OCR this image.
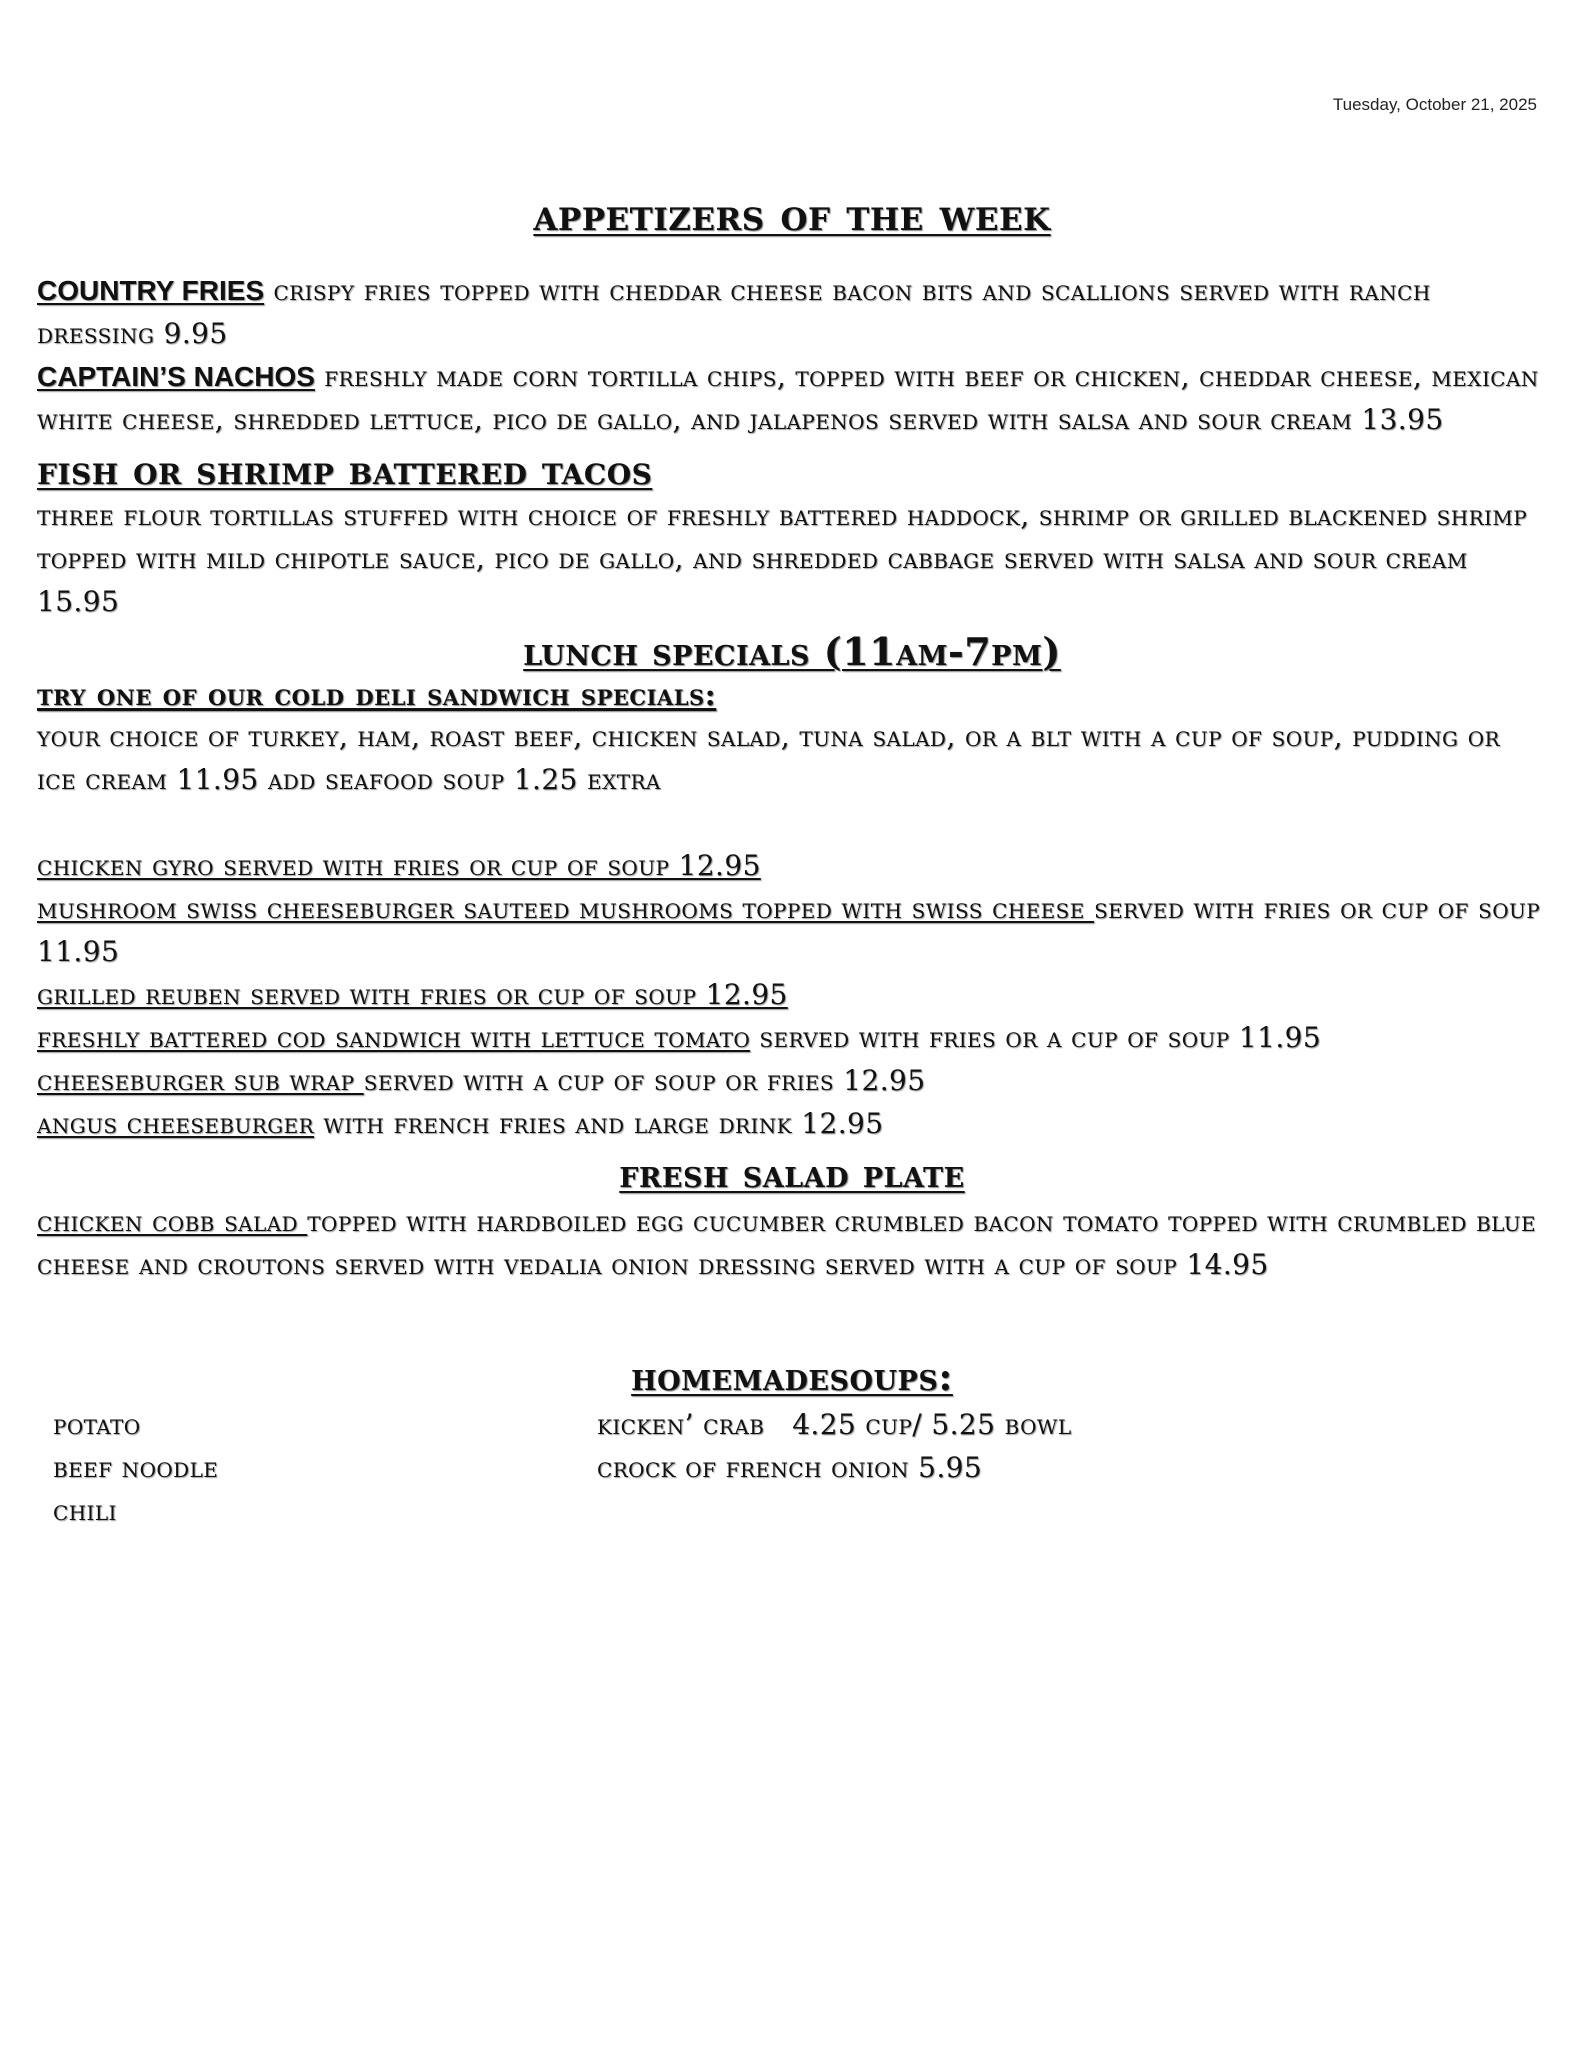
Tuesday, October 21, 2025
appetizers of the week

COUNTRY FRIES crispy fries topped with cheddar cheese bacon bits and scallions served with ranch dressing 9.95

CAPTAIN’S NACHOS freshly made corn tortilla chips, topped with beef or chicken, cheddar cheese, mexican white cheese, shredded lettuce, pico de gallo, and jalapenos served with salsa and sour cream 13.95

fish or shrimp battered tacos

three flour tortillas stuffed with choice of freshly battered haddock, shrimp or grilled blackened shrimp topped with mild chipotle sauce, pico de gallo, and shredded cabbage served with salsa and sour cream 15.95

lunch specials (11am-7pm)
try one of our cold deli sandwich specials:

your choice of turkey, ham, roast beef, chicken salad, tuna salad, or a blt with a cup of soup, pudding or ice cream 11.95 add seafood soup 1.25 extra

chicken gyro served with fries or cup of soup 12.95

mushroom swiss cheeseburger sauteed mushrooms topped with swiss cheese served with fries or cup of soup 11.95

grilled reuben served with fries or cup of soup 12.95

freshly battered cod sandwich with lettuce tomato served with fries or a cup of soup 11.95

cheeseburger sub wrap served with a cup of soup or fries 12.95

angus cheeseburger with french fries and large drink 12.95

fresh salad plate

chicken cobb salad topped with hardboiled egg cucumber crumbled bacon tomato topped with crumbled blue cheese and croutons served with vedalia onion dressing served with a cup of soup 14.95

homemadesoups:

potato

beef noodle

chili

kicken’ crab   4.25 cup/ 5.25 bowl

crock of french onion 5.95
